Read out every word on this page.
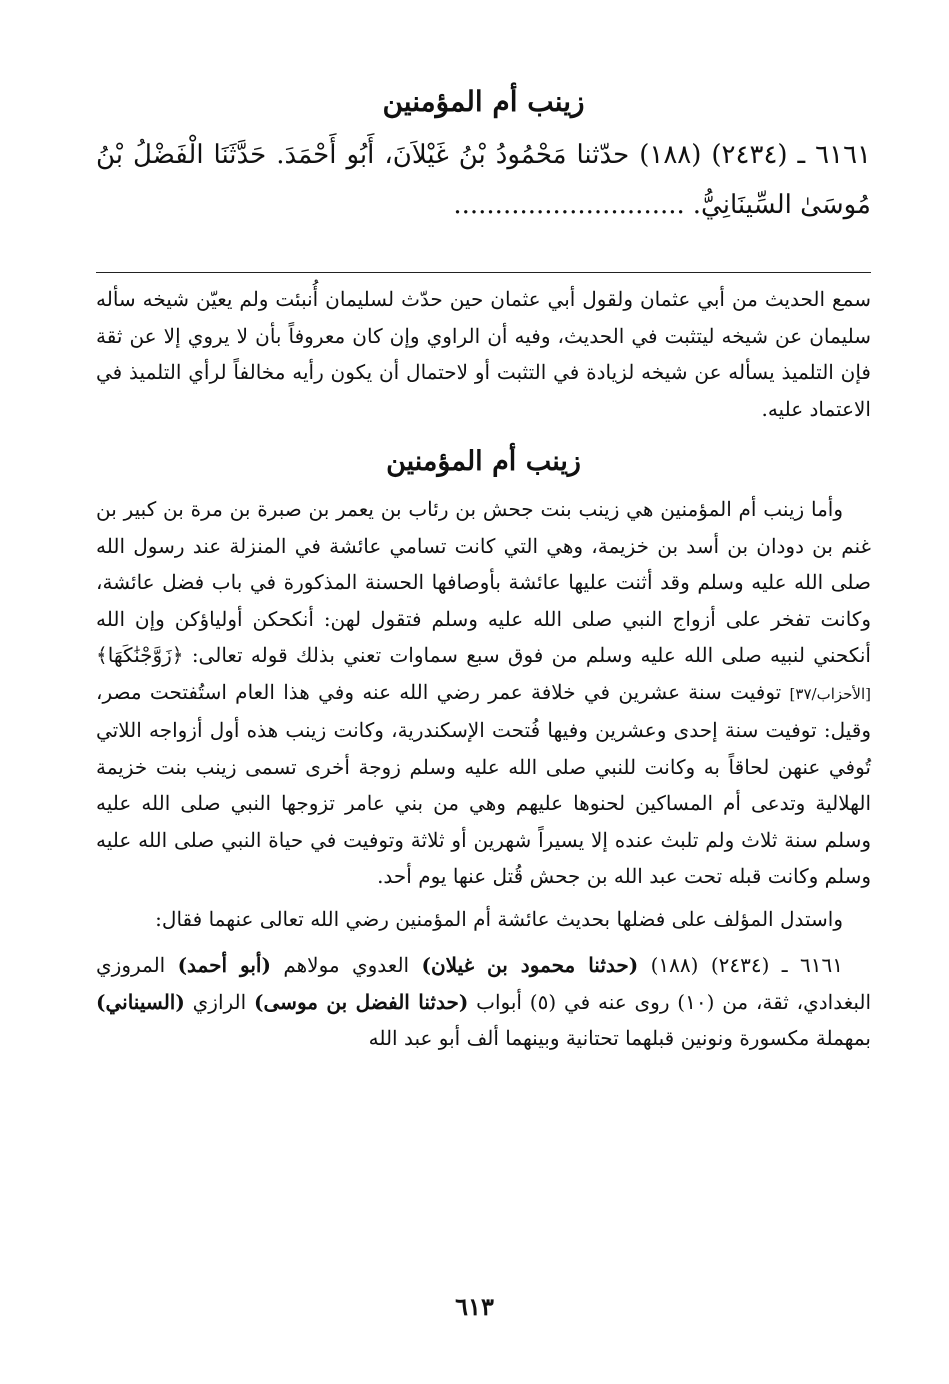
زينب أم المؤمنين

٦١٦١ ـ (٢٤٣٤) (١٨٨) حدّثنا مَحْمُودُ بْنُ غَيْلاَنَ، أَبُو أَحْمَدَ. حَدَّثَنَا الْفَضْلُ بْنُ مُوسَىٰ السِّينَانِيُّ.............................

سمع الحديث من أبي عثمان ولقول أبي عثمان حين حدّث لسليمان أُنبئت ولم يعيّن شيخه سأله سليمان عن شيخه ليتثبت في الحديث، وفيه أن الراوي وإن كان معروفاً بأن لا يروي إلا عن ثقة فإن التلميذ يسأله عن شيخه لزيادة في التثبت أو لاحتمال أن يكون رأيه مخالفاً لرأي التلميذ في الاعتماد عليه.

زينب أم المؤمنين

وأما زينب أم المؤمنين هي زينب بنت جحش بن رئاب بن يعمر بن صبرة بن مرة بن كبير بن غنم بن دودان بن أسد بن خزيمة، وهي التي كانت تسامي عائشة في المنزلة عند رسول الله صلى الله عليه وسلم وقد أثنت عليها عائشة بأوصافها الحسنة المذكورة في باب فضل عائشة، وكانت تفخر على أزواج النبي صلى الله عليه وسلم فتقول لهن: أنكحكن أولياؤكن وإن الله أنكحني لنبيه صلى الله عليه وسلم من فوق سبع سماوات تعني بذلك قوله تعالى: ﴿زَوَّجْنَٰكَهَا﴾ [الأحزاب/٣٧] توفيت سنة عشرين في خلافة عمر رضي الله عنه وفي هذا العام استُفتحت مصر، وقيل: توفيت سنة إحدى وعشرين وفيها فُتحت الإسكندرية، وكانت زينب هذه أول أزواجه اللاتي تُوفي عنهن لحاقاً به وكانت للنبي صلى الله عليه وسلم زوجة أخرى تسمى زينب بنت خزيمة الهلالية وتدعى أم المساكين لحنوها عليهم وهي من بني عامر تزوجها النبي صلى الله عليه وسلم سنة ثلاث ولم تلبث عنده إلا يسيراً شهرين أو ثلاثة وتوفيت في حياة النبي صلى الله عليه وسلم وكانت قبله تحت عبد الله بن جحش قُتل عنها يوم أحد.

واستدل المؤلف على فضلها بحديث عائشة أم المؤمنين رضي الله تعالى عنهما فقال:

٦١٦١ ـ (٢٤٣٤) (١٨٨) (حدثنا محمود بن غيلان) العدوي مولاهم (أبو أحمد) المروزي البغدادي، ثقة، من (١٠) روى عنه في (٥) أبواب (حدثنا الفضل بن موسى) الرازي (السيناني) بمهملة مكسورة ونونين قبلهما تحتانية وبينهما ألف أبو عبد الله

٦١٣
